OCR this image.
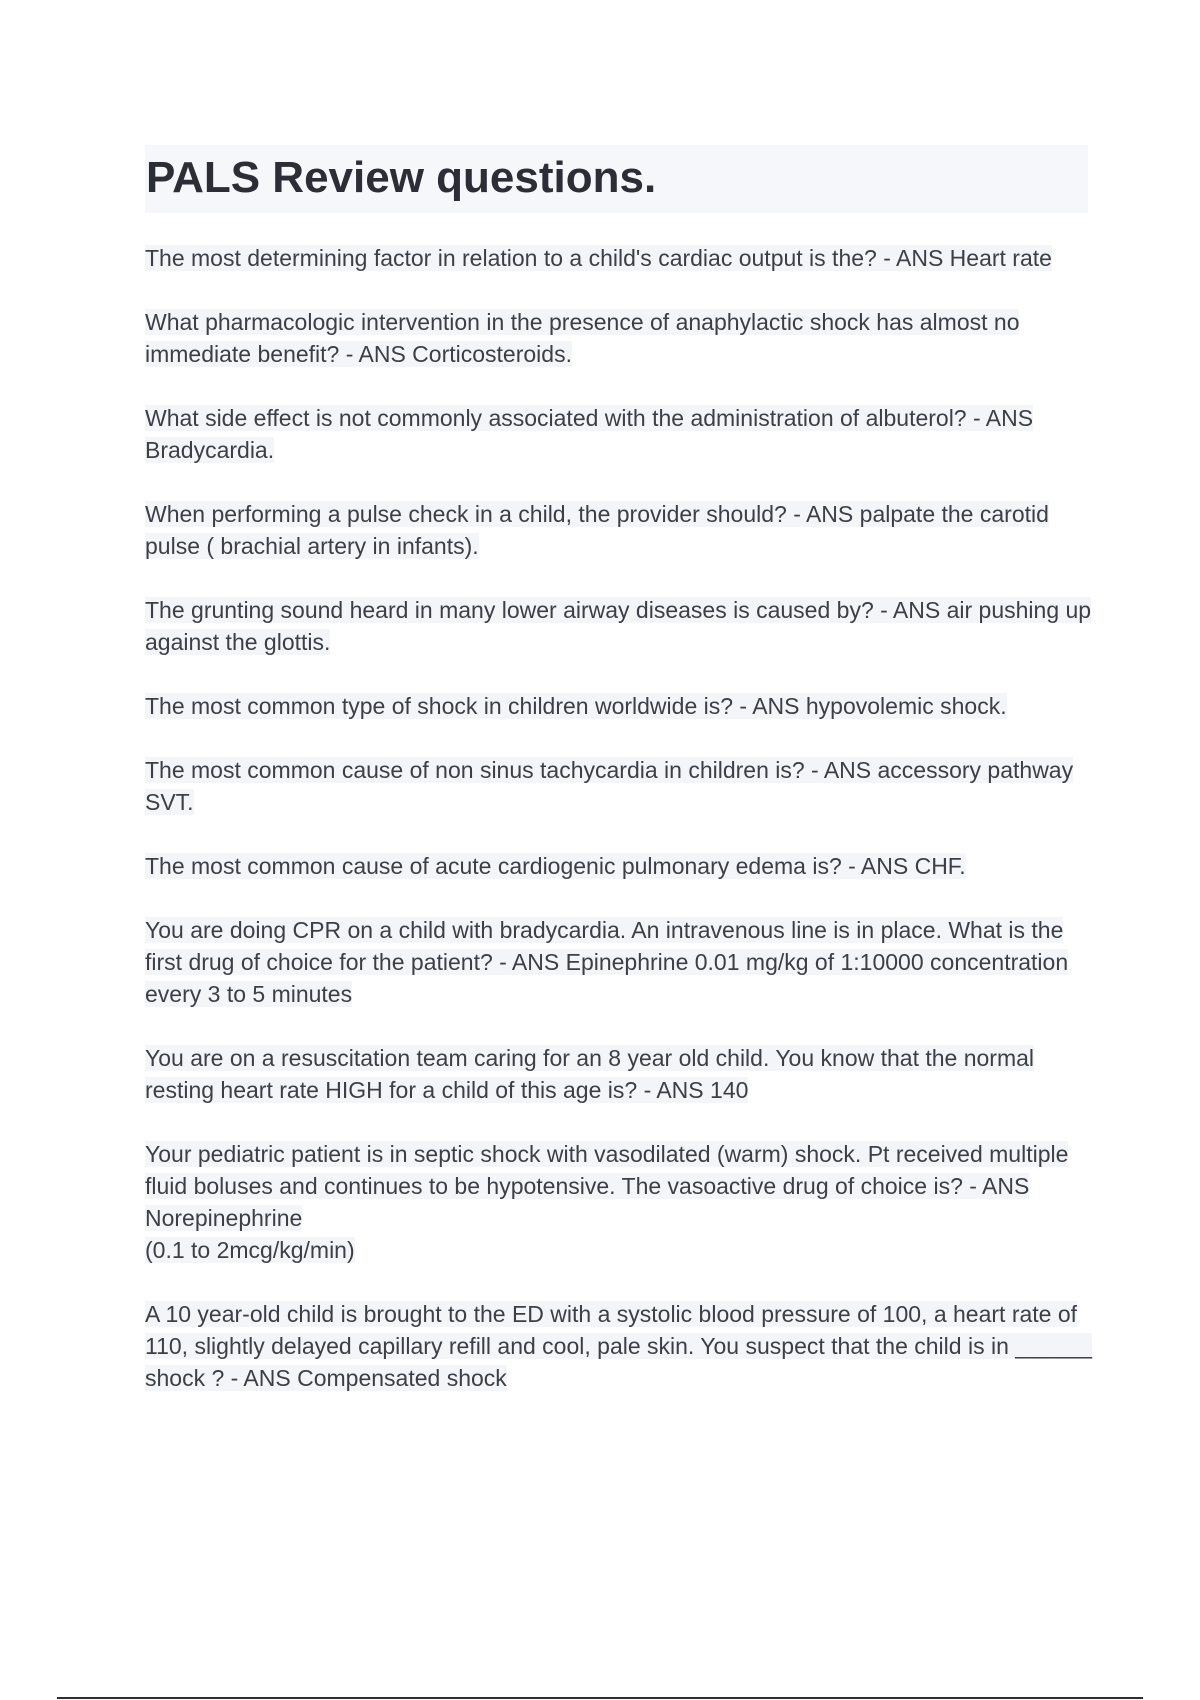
PALS Review questions.

The most determining factor in relation to a child's cardiac output is the? - ANS Heart rate

What pharmacologic intervention in the presence of anaphylactic shock has almost no immediate benefit? - ANS Corticosteroids.

What side effect is not commonly associated with the administration of albuterol? - ANS Bradycardia.

When performing a pulse check in a child, the provider should? - ANS palpate the carotid pulse ( brachial artery in infants).

The grunting sound heard in many lower airway diseases is caused by? - ANS air pushing up against the glottis.

The most common type of shock in children worldwide is? - ANS hypovolemic shock.

The most common cause of non sinus tachycardia in children is? - ANS accessory pathway SVT.

The most common cause of acute cardiogenic pulmonary edema is? - ANS CHF.

You are doing CPR on a child with bradycardia. An intravenous line is in place. What is the first drug of choice for the patient? - ANS Epinephrine 0.01 mg/kg of 1:10000 concentration every 3 to 5 minutes

You are on a resuscitation team caring for an 8 year old child. You know that the normal resting heart rate HIGH for a child of this age is? - ANS 140

Your pediatric patient is in septic shock with vasodilated (warm) shock. Pt received multiple fluid boluses and continues to be hypotensive. The vasoactive drug of choice is? - ANS Norepinephrine

(0.1 to 2mcg/kg/min)

A 10 year-old child is brought to the ED with a systolic blood pressure of 100, a heart rate of 110, slightly delayed capillary refill and cool, pale skin. You suspect that the child is in ______ shock ? - ANS Compensated shock
